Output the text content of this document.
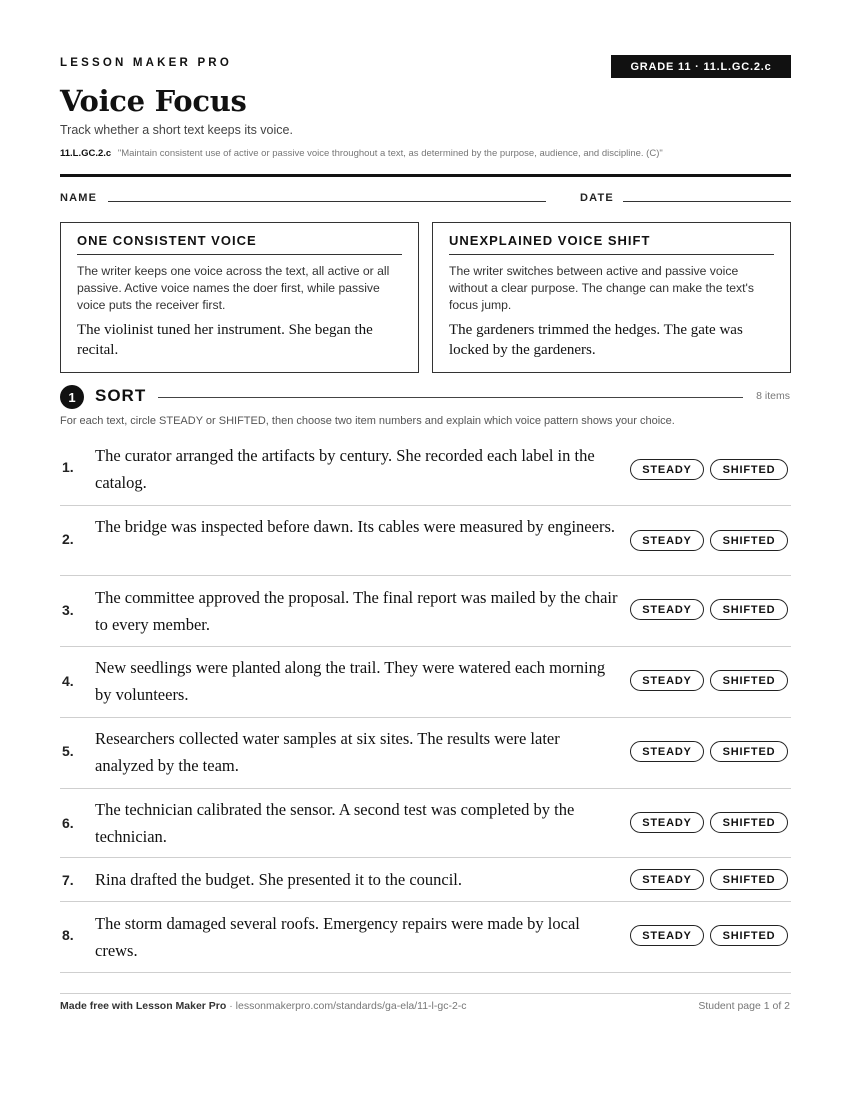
LESSON MAKER PRO	GRADE 11 · 11.L.GC.2.c
Voice Focus
Track whether a short text keeps its voice.
11.L.GC.2.c "Maintain consistent use of active or passive voice throughout a text, as determined by the purpose, audience, and discipline. (C)"
NAME	DATE
ONE CONSISTENT VOICE
The writer keeps one voice across the text, all active or all passive. Active voice names the doer first, while passive voice puts the receiver first.
The violinist tuned her instrument. She began the recital.
UNEXPLAINED VOICE SHIFT
The writer switches between active and passive voice without a clear purpose. The change can make the text's focus jump.
The gardeners trimmed the hedges. The gate was locked by the gardeners.
1	SORT	8 items
For each text, circle STEADY or SHIFTED, then choose two item numbers and explain which voice pattern shows your choice.
1.
The curator arranged the artifacts by century. She recorded each label in the catalog.
STEADY	SHIFTED
2.
The bridge was inspected before dawn. Its cables were measured by engineers.
STEADY	SHIFTED
3.
The committee approved the proposal. The final report was mailed by the chair to every member.
STEADY	SHIFTED
4.
New seedlings were planted along the trail. They were watered each morning by volunteers.
STEADY	SHIFTED
5.
Researchers collected water samples at six sites. The results were later analyzed by the team.
STEADY	SHIFTED
6.
The technician calibrated the sensor. A second test was completed by the technician.
STEADY	SHIFTED
7. Rina drafted the budget. She presented it to the council.	STEADY	SHIFTED
8.
The storm damaged several roofs. Emergency repairs were made by local crews.
STEADY	SHIFTED
Made free with Lesson Maker Pro · lessonmakerpro.com/standards/ga-ela/11-l-gc-2-c	Student page 1 of 2
